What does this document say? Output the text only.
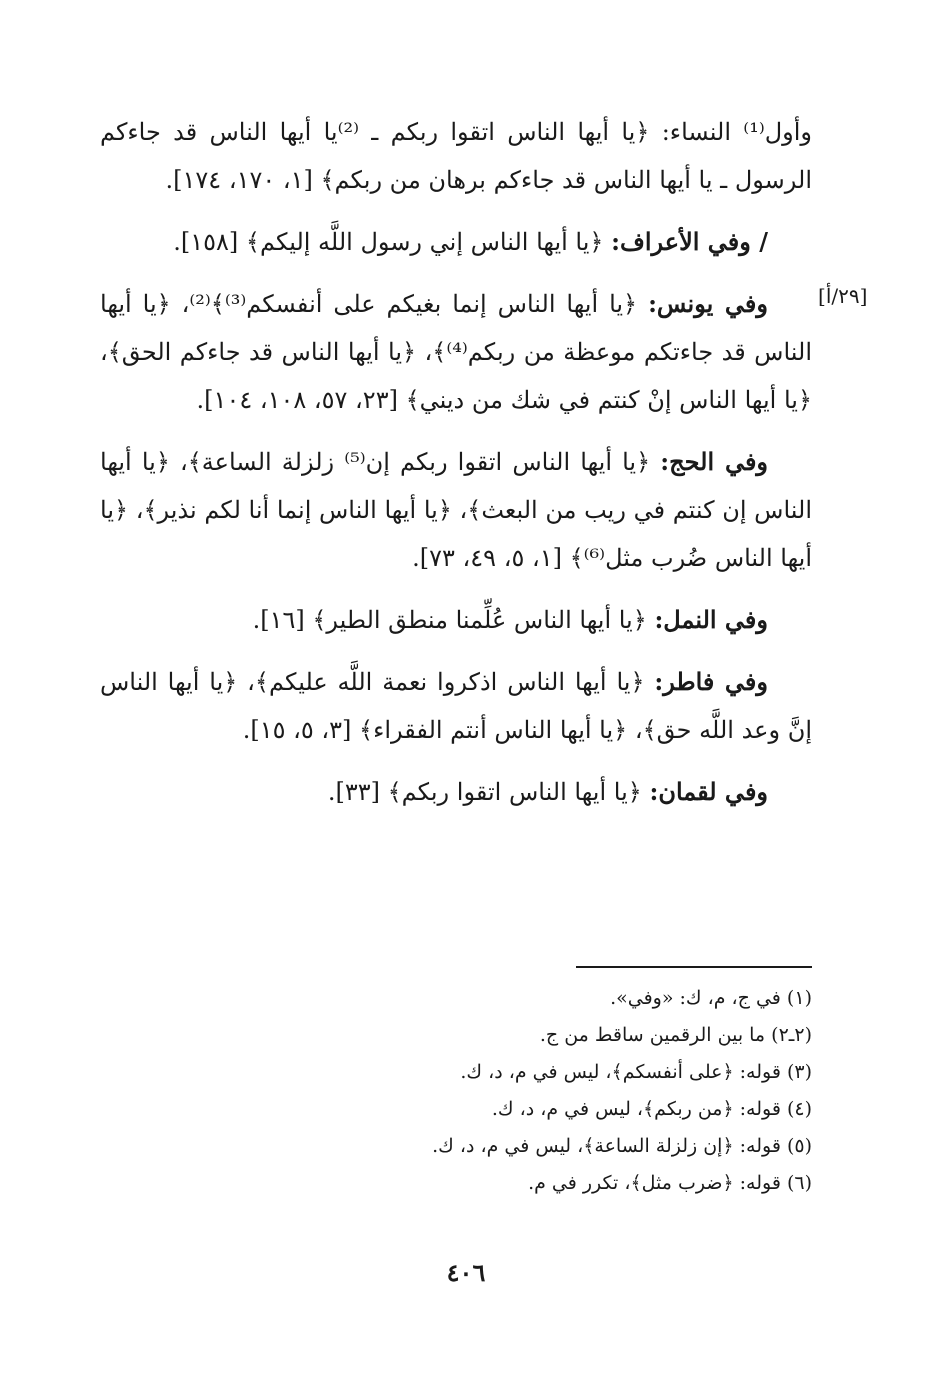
[٢٩/أ]

وأول⁽¹⁾ النساء: ﴿يا أيها الناس اتقوا ربكم ـ ⁽²⁾يا أيها الناس قد جاءكم الرسول ـ يا أيها الناس قد جاءكم برهان من ربكم﴾ [١، ١٧٠، ١٧٤].

/ وفي الأعراف: ﴿يا أيها الناس إني رسول اللَّه إليكم﴾ [١٥٨].

وفي يونس: ﴿يا أيها الناس إنما بغيكم على أنفسكم⁽³⁾﴾⁽²⁾، ﴿يا أيها الناس قد جاءتكم موعظة من ربكم⁽⁴⁾﴾، ﴿يا أيها الناس قد جاءكم الحق﴾، ﴿يا أيها الناس إنْ كنتم في شك من ديني﴾ [٢٣، ٥٧، ١٠٨، ١٠٤].

وفي الحج: ﴿يا أيها الناس اتقوا ربكم إن⁽⁵⁾ زلزلة الساعة﴾، ﴿يا أيها الناس إن كنتم في ريب من البعث﴾، ﴿يا أيها الناس إنما أنا لكم نذير﴾، ﴿يا أيها الناس ضُرب مثل⁽⁶⁾﴾ [١، ٥، ٤٩، ٧٣].

وفي النمل: ﴿يا أيها الناس عُلِّمنا منطق الطير﴾ [١٦].

وفي فاطر: ﴿يا أيها الناس اذكروا نعمة اللَّه عليكم﴾، ﴿يا أيها الناس إنَّ وعد اللَّه حق﴾، ﴿يا أيها الناس أنتم الفقراء﴾ [٣، ٥، ١٥].

وفي لقمان: ﴿يا أيها الناس اتقوا ربكم﴾ [٣٣].

(١) في ج، م، ك: «وفي».

(٢ـ٢) ما بين الرقمين ساقط من ج.

(٣) قوله: ﴿على أنفسكم﴾، ليس في م، د، ك.

(٤) قوله: ﴿من ربكم﴾، ليس في م، د، ك.

(٥) قوله: ﴿إن زلزلة الساعة﴾، ليس في م، د، ك.

(٦) قوله: ﴿ضرب مثل﴾، تكرر في م.

٤٠٦
